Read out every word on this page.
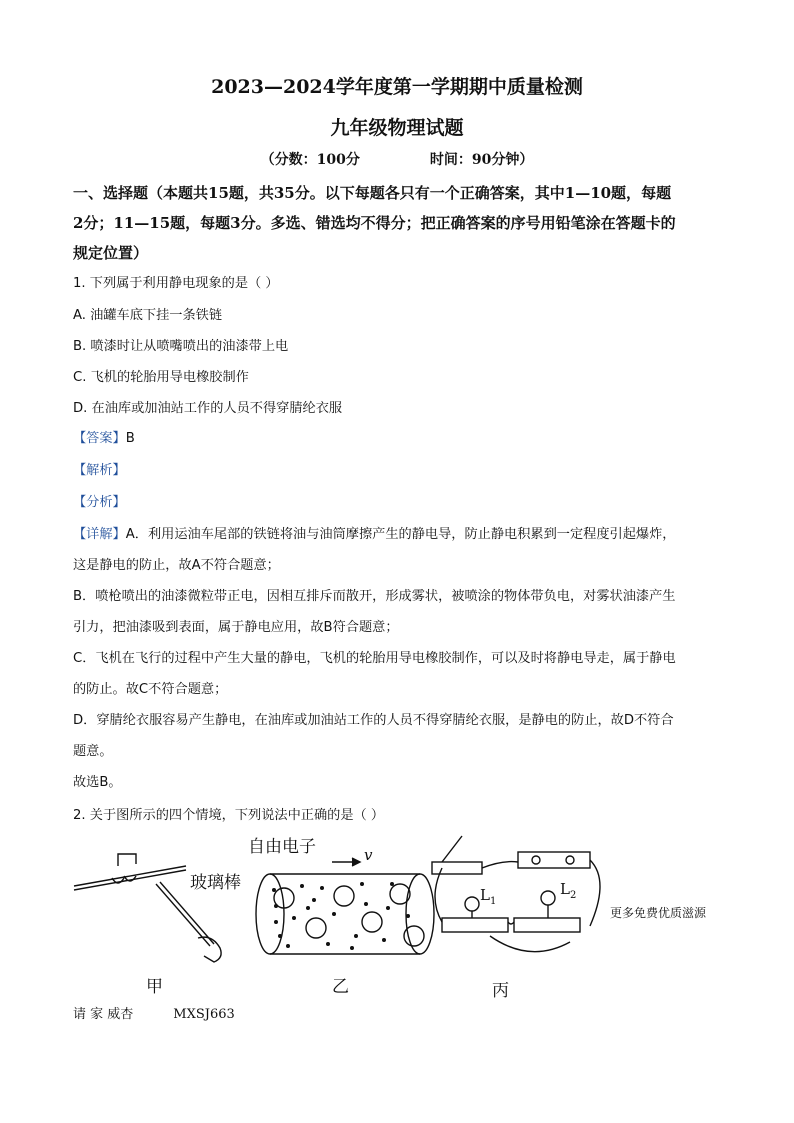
2023—2024学年度第一学期期中质量检测
九年级物理试题
（分数：100分	时间：90分钟）
一、选择题（本题共15题，共35分。以下每题各只有一个正确答案，其中1—10题，每题
2分；11—15题，每题3分。多选、错选均不得分；把正确答案的序号用铅笔涂在答题卡的
规定位置）
1. 下列属于利用静电现象的是（ ）
A. 油罐车底下挂一条铁链
B. 喷漆时让从喷嘴喷出的油漆带上电
C. 飞机的轮胎用导电橡胶制作
D. 在油库或加油站工作的人员不得穿腈纶衣服
【答案】B
【解析】
【分析】
【详解】A．利用运油车尾部的铁链将油与油筒摩擦产生的静电导，防止静电积累到一定程度引起爆炸，
这是静电的防止，故A不符合题意；
B．喷枪喷出的油漆微粒带正电，因相互排斥而散开，形成雾状，被喷涂的物体带负电，对雾状油漆产生
引力，把油漆吸到表面，属于静电应用，故B符合题意；
C．飞机在飞行的过程中产生大量的静电，飞机的轮胎用导电橡胶制作，可以及时将静电导走，属于静电
的防止。故C不符合题意；
D．穿腈纶衣服容易产生静电，在油库或加油站工作的人员不得穿腈纶衣服，是静电的防止，故D不符合
题意。
故选B。
2. 关于图所示的四个情境，下列说法中正确的是（ ）
玻璃棒
自由电子	v
$L_1$
$L_2$
甲	乙	丙
更多免费优质滋源
请 家 威杏	MXSJ663
